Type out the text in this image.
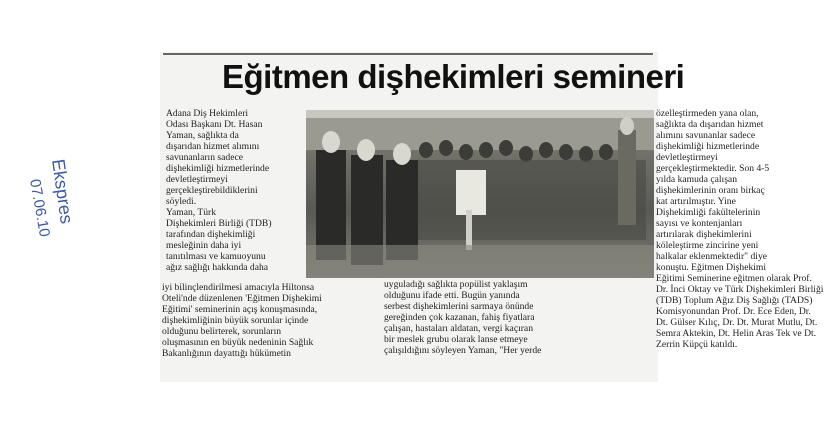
Ekspres
07.06.10
Eğitmen dişhekimleri semineri

Adana Diş Hekimleri

Odası Başkanı Dt. Hasan

Yaman, sağlıkta da

dışarıdan hizmet alımını

savunanların sadece

dişhekimliği hizmetlerinde

devletleştirmeyi

gerçekleştirebildiklerini

söyledi.

Yaman, Türk

Dişhekimleri Birliği (TDB)

tarafından dişhekimliği

mesleğinin daha iyi

tanıtılması ve kamuoyunu

ağız sağlığı hakkında daha

iyi bilinçlendirilmesi amacıyla Hiltonsa

Oteli'nde düzenlenen 'Eğitmen Dişhekimi

Eğitimi' seminerinin açış konuşmasında,

dişhekimliğinin büyük sorunlar içinde

olduğunu belirterek, sorunların

oluşmasının en büyük nedeninin Sağlık

Bakanlığının dayattığı hükümetin

uyguladığı sağlıkta popülist yaklaşım

olduğunu ifade etti. Bugün yanında

serbest dişhekimlerini sarmaya önünde

gereğinden çok kazanan, fahiş fiyatlara

çalışan, hastaları aldatan, vergi kaçıran

bir meslek grubu olarak lanse etmeye

çalışıldığını söyleyen Yaman, "Her yerde

özelleştirmeden yana olan,

sağlıkta da dışarıdan hizmet

alımını savunanlar sadece

dişhekimliği hizmetlerinde

devletleştirmeyi

gerçekleştirmektedir. Son 4-5

yılda kamuda çalışan

dişhekimlerinin oranı birkaç

kat artırılmıştır. Yine

Dişhekimliği fakültelerinin

sayısı ve kontenjanları

artırılarak dişhekimlerini

köleleştirme zincirine yeni

halkalar eklenmektedir" diye

konuştu. Eğitmen Dişhekimi

Eğitimi Seminerine eğitmen olarak Prof.

Dr. İnci Oktay ve Türk Dişhekimleri Birliği

(TDB) Toplum Ağız Diş Sağlığı (TADS)

Komisyonundan Prof. Dr. Ece Eden, Dr.

Dt. Gülser Kılıç, Dr. Dt. Murat Mutlu, Dt.

Semra Aktekin, Dt. Helin Aras Tek ve Dt.

Zerrin Küpçü katıldı.
